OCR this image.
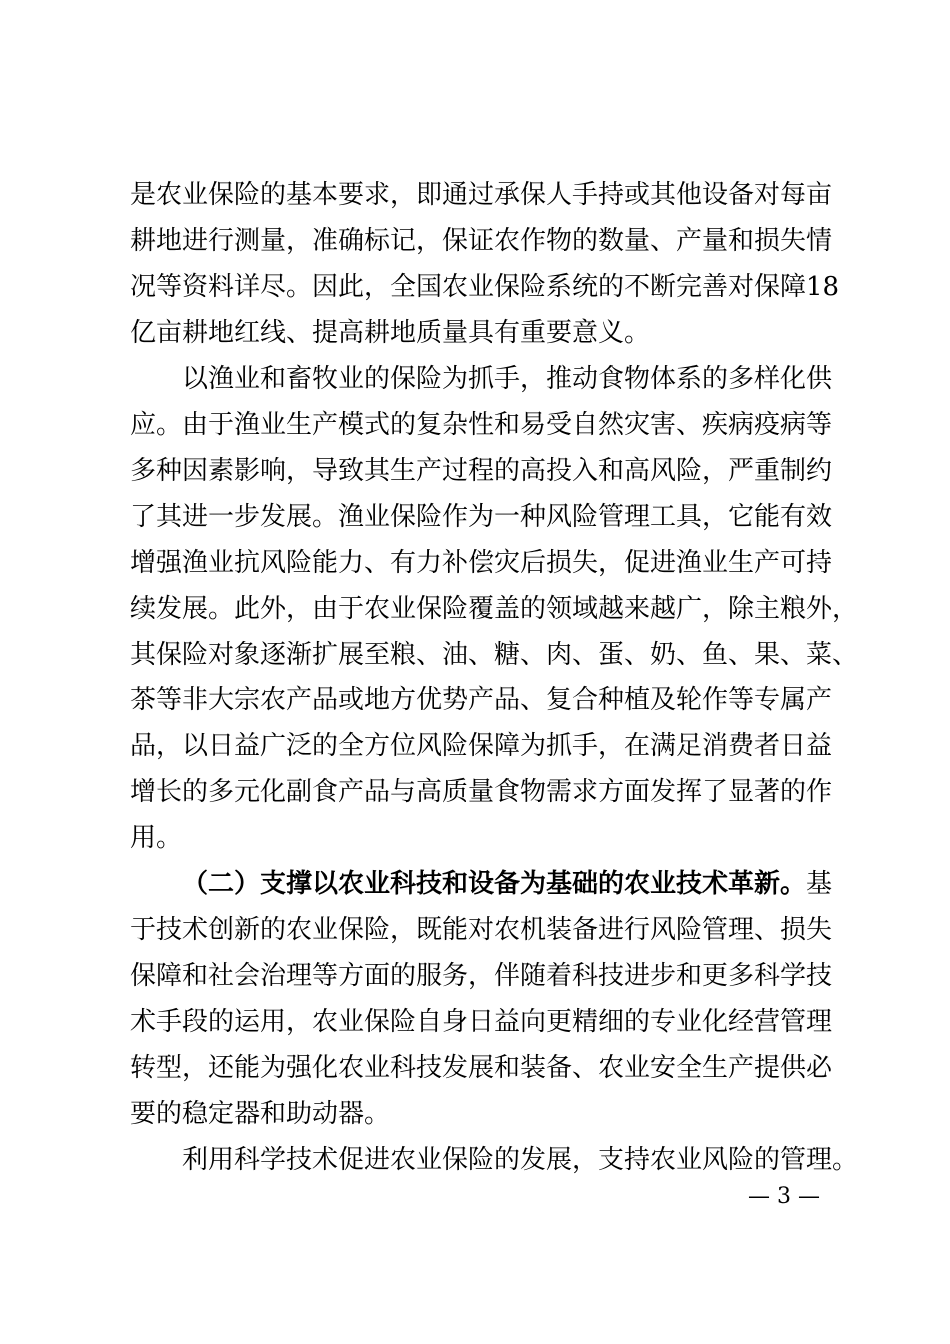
是农业保险的基本要求，即通过承保人手持或其他设备对每亩
耕地进行测量，准确标记，保证农作物的数量、产量和损失情
况等资料详尽。因此，全国农业保险系统的不断完善对保障18
亿亩耕地红线、提高耕地质量具有重要意义。
以渔业和畜牧业的保险为抓手，推动食物体系的多样化供
应。由于渔业生产模式的复杂性和易受自然灾害、疾病疫病等
多种因素影响，导致其生产过程的高投入和高风险，严重制约
了其进一步发展。渔业保险作为一种风险管理工具，它能有效
增强渔业抗风险能力、有力补偿灾后损失，促进渔业生产可持
续发展。此外，由于农业保险覆盖的领域越来越广，除主粮外，
其保险对象逐渐扩展至粮、油、糖、肉、蛋、奶、鱼、果、菜、
茶等非大宗农产品或地方优势产品、复合种植及轮作等专属产
品，以日益广泛的全方位风险保障为抓手，在满足消费者日益
增长的多元化副食产品与高质量食物需求方面发挥了显著的作
用。
（二）支撑以农业科技和设备为基础的农业技术革新。基
于技术创新的农业保险，既能对农机装备进行风险管理、损失
保障和社会治理等方面的服务，伴随着科技进步和更多科学技
术手段的运用，农业保险自身日益向更精细的专业化经营管理
转型，还能为强化农业科技发展和装备、农业安全生产提供必
要的稳定器和助动器。
利用科学技术促进农业保险的发展，支持农业风险的管理。
— 3 —
